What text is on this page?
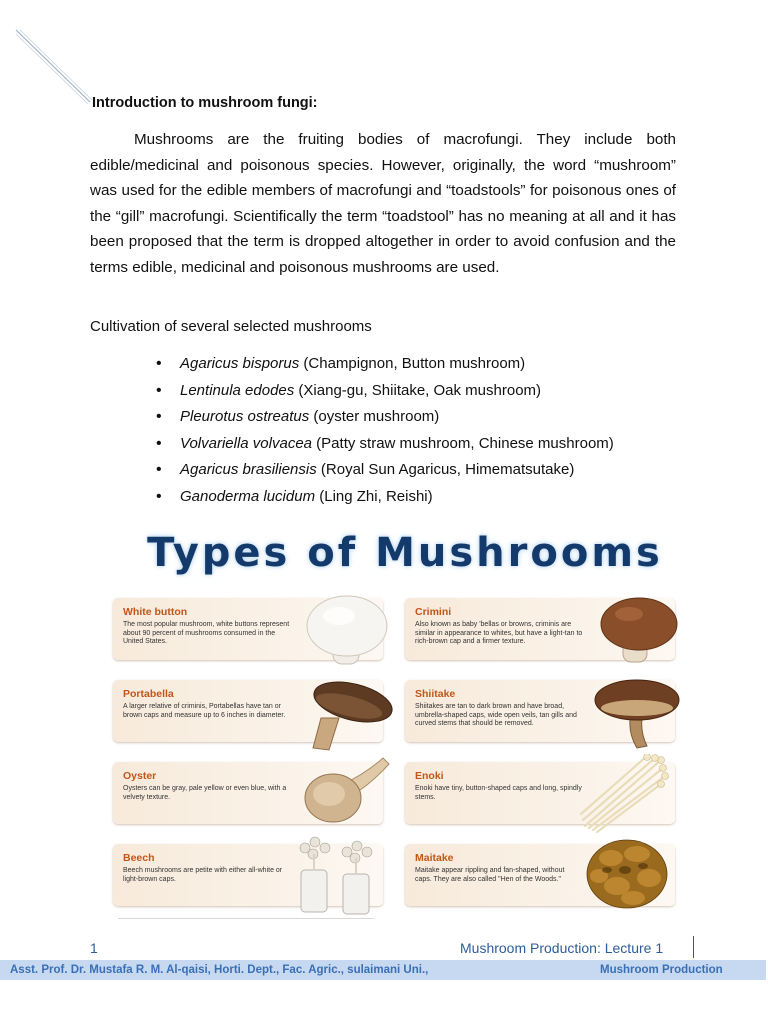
Introduction to mushroom fungi:

Mushrooms are the fruiting bodies of macrofungi. They include both edible/medicinal and poisonous species. However, originally, the word “mushroom” was used for the edible members of macrofungi and “toadstools” for poisonous ones of the “gill” macrofungi. Scientifically the term “toadstool” has no meaning at all and it has been proposed that the term is dropped altogether in order to avoid confusion and the terms edible, medicinal and poisonous mushrooms are used.

Cultivation of several selected mushrooms
• Agaricus bisporus (Champignon, Button mushroom)
• Lentinula edodes (Xiang-gu, Shiitake, Oak mushroom)
• Pleurotus ostreatus (oyster mushroom)
• Volvariella volvacea (Patty straw mushroom, Chinese mushroom)
• Agaricus brasiliensis (Royal Sun Agaricus, Himematsutake)
• Ganoderma lucidum (Ling Zhi, Reishi)
Types of Mushrooms
White button
The most popular mushroom, white buttons represent about 90 percent of mushrooms consumed in the United States.
Crimini
Also known as baby 'bellas or browns, criminis are similar in appearance to whites, but have a light-tan to rich-brown cap and a firmer texture.
Portabella
A larger relative of criminis, Portabellas have tan or brown caps and measure up to 6 inches in diameter.
Shiitake
Shiitakes are tan to dark brown and have broad, umbrella-shaped caps, wide open veils, tan gills and curved stems that should be removed.
Oyster
Oysters can be gray, pale yellow or even blue, with a velvety texture.
Enoki
Enoki have tiny, button-shaped caps and long, spindly stems.
Beech
Beech mushrooms are petite with either all-white or light-brown caps.
Maitake
Maitake appear rippling and fan-shaped, without caps. They are also called "Hen of the Woods."
1	Mushroom Production: Lecture 1
Asst. Prof. Dr. Mustafa R. M. Al-qaisi, Horti. Dept., Fac. Agric., sulaimani Uni.,	Mushroom Production
